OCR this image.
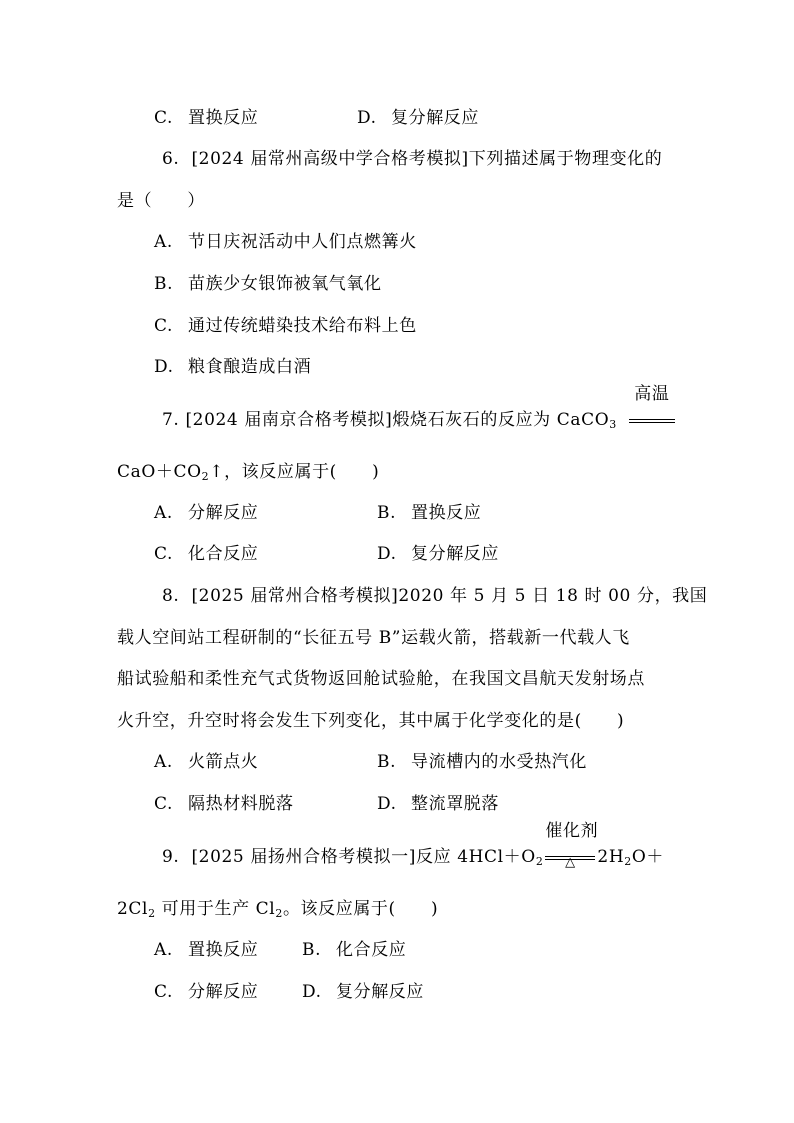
C. 置换反应	D. 复分解反应
6. [2024 届常州高级中学合格考模拟]下列描述属于物理变化的
是（　　）
A. 节日庆祝活动中人们点燃篝火
B. 苗族少女银饰被氧气氧化
C. 通过传统蜡染技术给布料上色
D. 粮食酿造成白酒
7. [2024 届南京合格考模拟]煅烧石灰石的反应为 CaCO$_3$
高温
$CaO+CO_2↑$，该反应属于(　　)
A. 分解反应	B. 置换反应
C. 化合反应	D. 复分解反应
8. [2025 届常州合格考模拟]2020 年 5 月 5 日 18 时 00 分，我国
载人空间站工程研制的“长征五号 B”运载火箭，搭载新一代载人飞
船试验船和柔性充气式货物返回舱试验舱，在我国文昌航天发射场点
火升空，升空时将会发生下列变化，其中属于化学变化的是(　　)
A. 火箭点火	B. 导流槽内的水受热汽化
C. 隔热材料脱落	D. 整流罩脱落
9. [2025 届扬州合格考模拟一]反应 $4HCl+O_2$
催化剂
△	$2H_2O+$
$2Cl_2$ 可用于生产 $Cl_2$。该反应属于(　　)
A. 置换反应	B. 化合反应
C. 分解反应	D. 复分解反应
